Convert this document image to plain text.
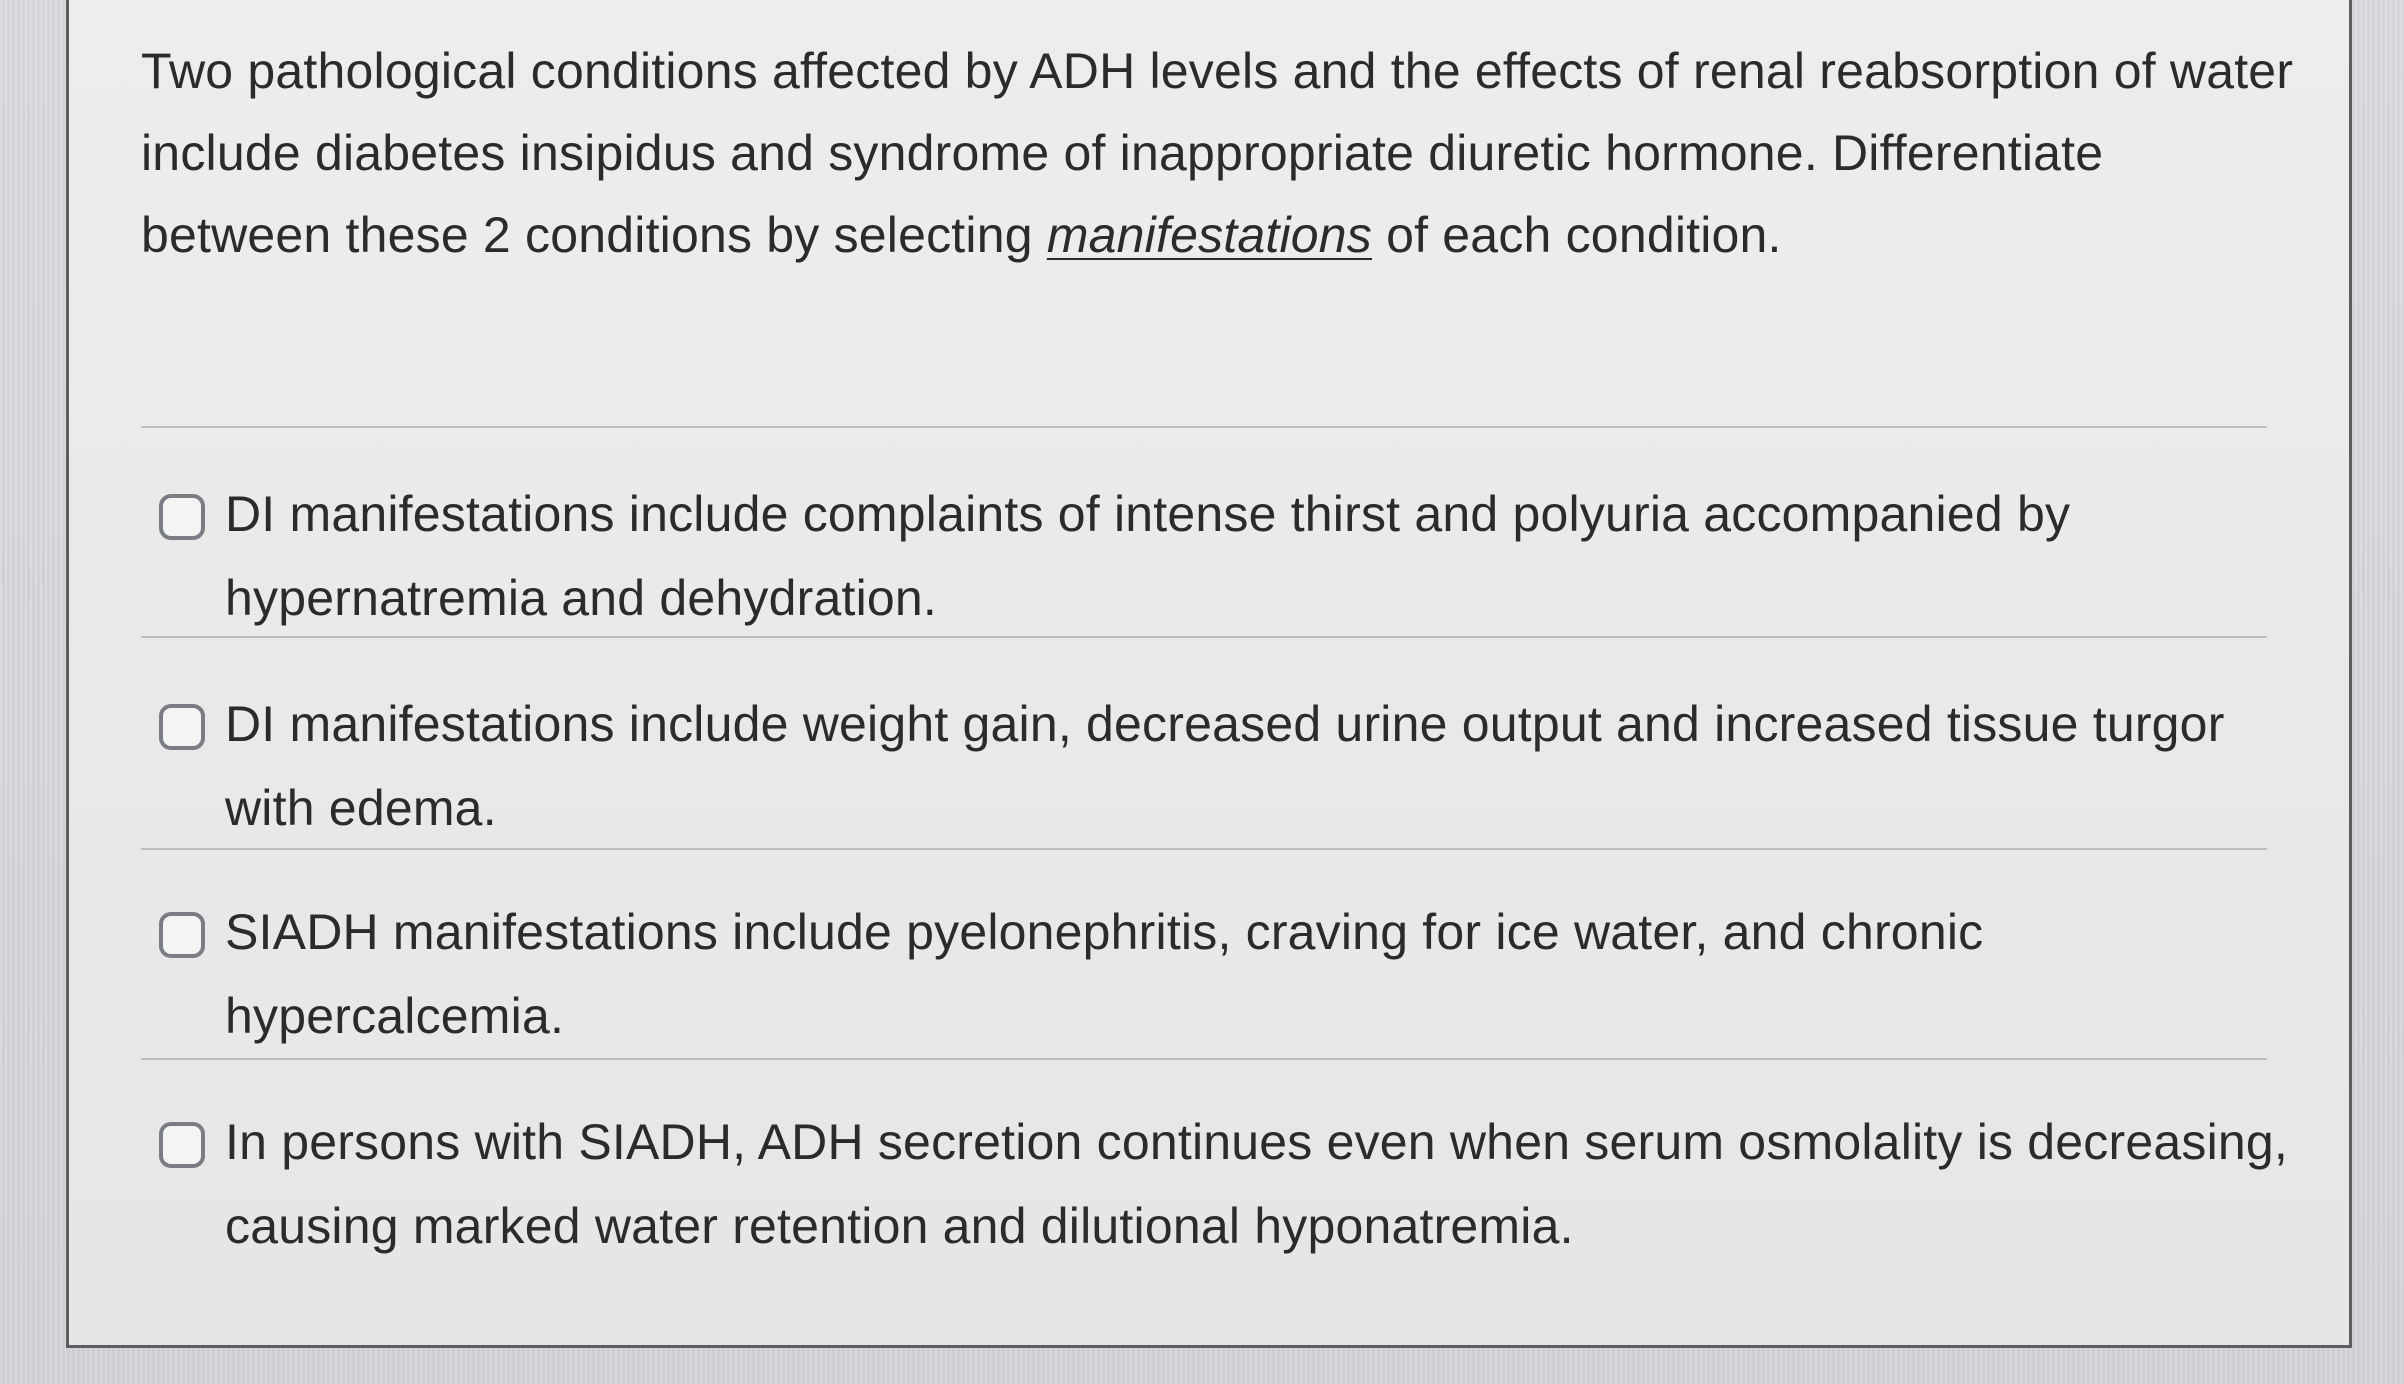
Two pathological conditions affected by ADH levels and the effects of renal reabsorption of water include diabetes insipidus and syndrome of inappropriate diuretic hormone. Differentiate between these 2 conditions by selecting manifestations of each condition.

DI manifestations include complaints of intense thirst and polyuria accompanied by hypernatremia and dehydration.

DI manifestations include weight gain, decreased urine output and increased tissue turgor with edema.

SIADH manifestations include pyelonephritis, craving for ice water, and chronic hypercalcemia.

In persons with SIADH, ADH secretion continues even when serum osmolality is decreasing, causing marked water retention and dilutional hyponatremia.
